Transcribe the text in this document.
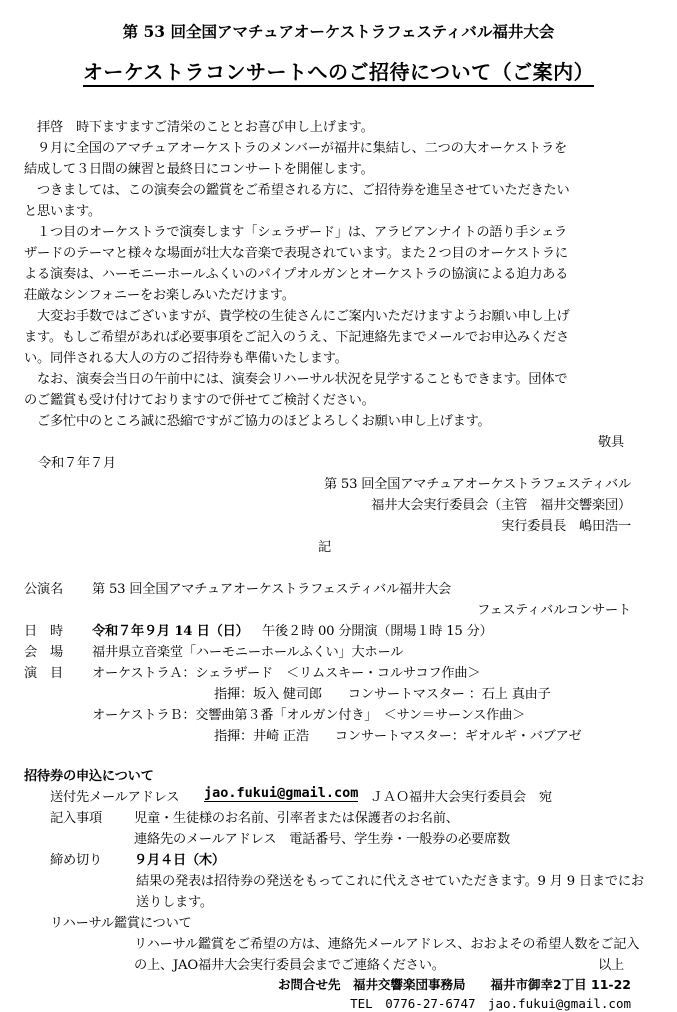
第 53 回全国アマチュアオーケストラフェスティバル福井大会
オーケストラコンサートへのご招待について（ご案内）
　拝啓　時下ますますご清栄のこととお喜び申し上げます。
　９月に全国のアマチュアオーケストラのメンバーが福井に集結し、二つの大オーケストラを
結成して３日間の練習と最終日にコンサートを開催します。
　つきましては、この演奏会の鑑賞をご希望される方に、ご招待券を進呈させていただきたい
と思います。
　１つ目のオーケストラで演奏します「シェラザード」は、アラビアンナイトの語り手シェラ
ザードのテーマと様々な場面が壮大な音楽で表現されています。また２つ目のオーケストラに
よる演奏は、ハーモニーホールふくいのパイプオルガンとオーケストラの協演による迫力ある
荘厳なシンフォニーをお楽しみいただけます。
　大変お手数ではございますが、貴学校の生徒さんにご案内いただけますようお願い申し上げ
ます。もしご希望があれば必要事項をご記入のうえ、下記連絡先までメールでお申込みくださ
い。同伴される大人の方のご招待券も準備いたします。
　なお、演奏会当日の午前中には、演奏会リハーサル状況を見学することもできます。団体で
のご鑑賞も受け付けておりますので併せてご検討ください。
　ご多忙中のところ誠に恐縮ですがご協力のほどよろしくお願い申し上げます。
敬具
令和７年７月
第 53 回全国アマチュアオーケストラフェスティバル
福井大会実行委員会（主管　福井交響楽団）
実行委員長　嶋田浩一
記
公演名 第 53 回全国アマチュアオーケストラフェスティバル福井大会
フェスティバルコンサート
日　時 令和７年９月 14 日（日） 午後２時 00 分開演（開場１時 15 分）
会　場 福井県立音楽堂「ハーモニーホールふくい」大ホール
演　目 オーケストラＡ：シェラザード　＜リムスキー・コルサコフ作曲＞
指揮：坂入 健司郎　　コンサートマスター ：石上 真由子
オーケストラＢ：交響曲第３番「オルガン付き」　＜サン＝サーンス作曲＞
指揮：井崎 正浩　　コンサートマスター：ギオルギ・バブアゼ
招待券の申込について
送付先メールアドレス jao.fukui@gmail.com ＪＡＯ福井大会実行委員会　宛
記入事項 児童・生徒様のお名前、引率者または保護者のお名前、
連絡先のメールアドレス　電話番号、学生券・一般券の必要席数
締め切り ９月４日（木）
結果の発表は招待券の発送をもってこれに代えさせていただきます。9 月 9 日までにお
送りします。
リハーサル鑑賞について
リハーサル鑑賞をご希望の方は、連絡先メールアドレス、おおよその希望人数をご記入
の上、JAO福井大会実行委員会までご連絡ください。	以上
お問合せ先　福井交響楽団事務局　　福井市御幸2丁目 11-22
TEL　0776-27-6747　jao.fukui@gmail.com
